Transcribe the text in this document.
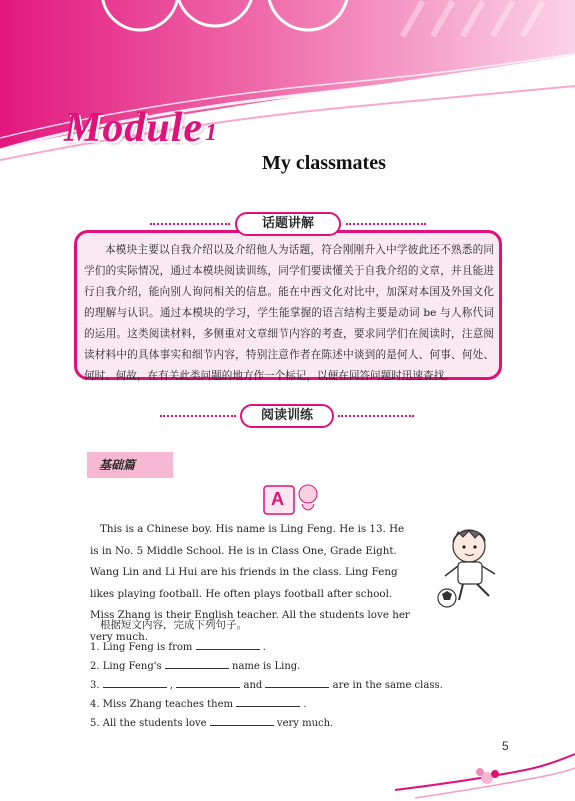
Module 1
My classmates
话题讲解

本模块主要以自我介绍以及介绍他人为话题，符合刚刚升入中学彼此还不熟悉的同学们的实际情况，通过本模块阅读训练，同学们要读懂关于自我介绍的文章，并且能进行自我介绍，能向别人询问相关的信息。能在中西文化对比中，加深对本国及外国文化的理解与认识。通过本模块的学习，学生能掌握的语言结构主要是动词 be 与人称代词的运用。这类阅读材料，多侧重对文章细节内容的考查，要求同学们在阅读时，注意阅读材料中的具体事实和细节内容，特别注意作者在陈述中谈到的是何人、何事、何处、何时、何故，在有关此类问题的地方作一个标记，以便在回答问题时迅速查找。

阅读训练
基础篇
A

This is a Chinese boy. His name is Ling Feng. He is 13. He is in No. 5 Middle School. He is in Class One, Grade Eight. Wang Lin and Li Hui are his friends in the class. Ling Feng likes playing football. He often plays football after school. Miss Zhang is their English teacher. All the students love her very much.

根据短文内容，完成下列句子。
1. Ling Feng is from	.
2. Ling Feng's	name is Ling.
3.	,	and	are in the same class.
4. Miss Zhang teaches them	.
5. All the students love	very much.
5
